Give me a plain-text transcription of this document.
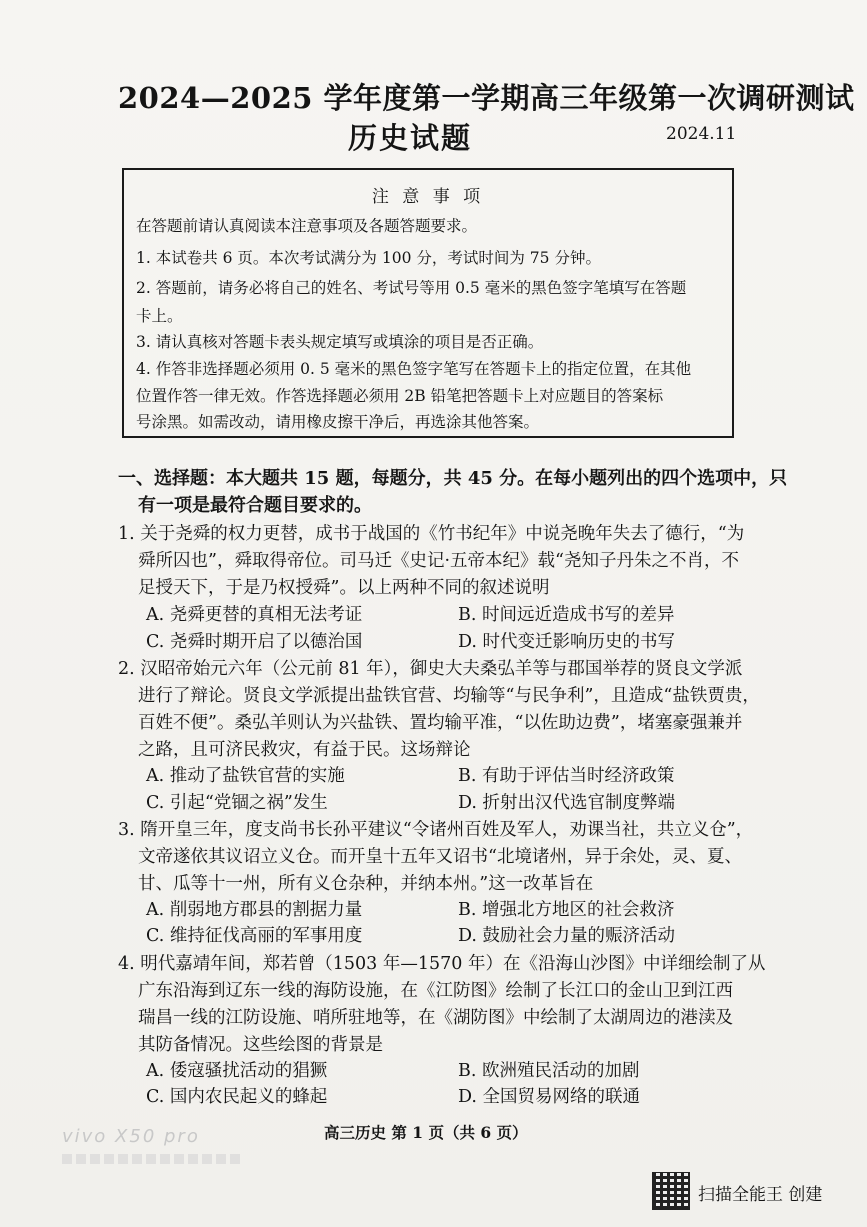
2024—2025 学年度第一学期高三年级第一次调研测试
历史试题	2024.11
注 意 事 项
在答题前请认真阅读本注意事项及各题答题要求。
1. 本试卷共 6 页。本次考试满分为 100 分，考试时间为 75 分钟。
2. 答题前，请务必将自己的姓名、考试号等用 0.5 毫米的黑色签字笔填写在答题
卡上。
3. 请认真核对答题卡表头规定填写或填涂的项目是否正确。
4. 作答非选择题必须用 0. 5 毫米的黑色签字笔写在答题卡上的指定位置，在其他
位置作答一律无效。作答选择题必须用 2B 铅笔把答题卡上对应题目的答案标
号涂黑。如需改动，请用橡皮擦干净后，再选涂其他答案。
一、选择题：本大题共 15 题，每题分，共 45 分。在每小题列出的四个选项中，只
有一项是最符合题目要求的。
1. 关于尧舜的权力更替，成书于战国的《竹书纪年》中说尧晚年失去了德行，“为
舜所囚也”，舜取得帝位。司马迁《史记·五帝本纪》载“尧知子丹朱之不肖，不
足授天下，于是乃权授舜”。以上两种不同的叙述说明
A. 尧舜更替的真相无法考证	B. 时间远近造成书写的差异
C. 尧舜时期开启了以德治国	D. 时代变迁影响历史的书写
2. 汉昭帝始元六年（公元前 81 年），御史大夫桑弘羊等与郡国举荐的贤良文学派
进行了辩论。贤良文学派提出盐铁官营、均输等“与民争利”，且造成“盐铁贾贵，
百姓不便”。桑弘羊则认为兴盐铁、置均输平准，“以佐助边费”，堵塞豪强兼并
之路，且可济民救灾，有益于民。这场辩论
A. 推动了盐铁官营的实施	B. 有助于评估当时经济政策
C. 引起“党锢之祸”发生	D. 折射出汉代选官制度弊端
3. 隋开皇三年，度支尚书长孙平建议“令诸州百姓及军人，劝课当社，共立义仓”，
文帝遂依其议诏立义仓。而开皇十五年又诏书“北境诸州，异于余处，灵、夏、
甘、瓜等十一州，所有义仓杂种，并纳本州。”这一改革旨在
A. 削弱地方郡县的割据力量	B. 增强北方地区的社会救济
C. 维持征伐高丽的军事用度	D. 鼓励社会力量的赈济活动
4. 明代嘉靖年间，郑若曾（1503 年—1570 年）在《沿海山沙图》中详细绘制了从
广东沿海到辽东一线的海防设施，在《江防图》绘制了长江口的金山卫到江西
瑞昌一线的江防设施、哨所驻地等，在《湖防图》中绘制了太湖周边的港渎及
其防备情况。这些绘图的背景是
A. 倭寇骚扰活动的猖獗	B. 欧洲殖民活动的加剧
C. 国内农民起义的蜂起	D. 全国贸易网络的联通
高三历史 第 1 页（共 6 页）
vivo X50 pro
扫描全能王 创建
